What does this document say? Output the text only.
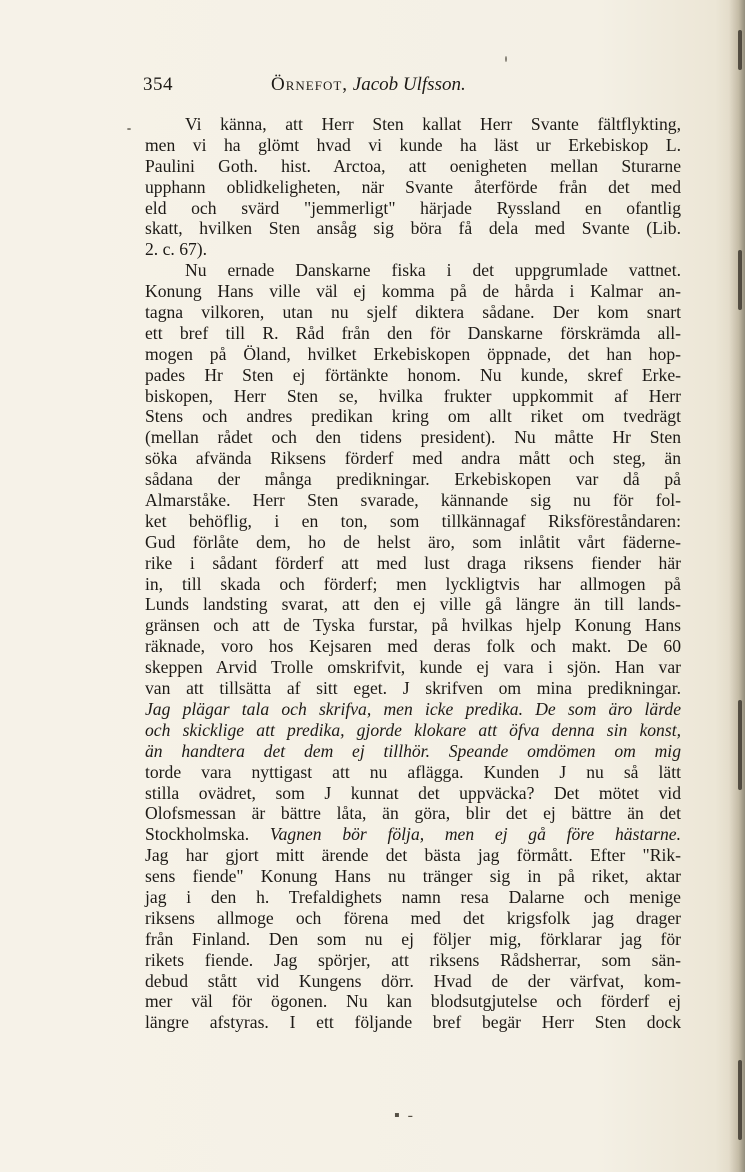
354	Örnefot, Jacob Ulfsson.
Vi känna, att Herr Sten kallat Herr Svante fältflykting,
men vi ha glömt hvad vi kunde ha läst ur Erkebiskop L.
Paulini Goth. hist. Arctoa, att oenigheten mellan Sturarne
upphann oblidkeligheten, när Svante återförde från det med
eld och svärd "jemmerligt" härjade Ryssland en ofantlig
skatt, hvilken Sten ansåg sig böra få dela med Svante (Lib.
2. c. 67).
Nu ernade Danskarne fiska i det uppgrumlade vattnet.
Konung Hans ville väl ej komma på de hårda i Kalmar an-
tagna vilkoren, utan nu sjelf diktera sådane. Der kom snart
ett bref till R. Råd från den för Danskarne förskrämda all-
mogen på Öland, hvilket Erkebiskopen öppnade, det han hop-
pades Hr Sten ej förtänkte honom. Nu kunde, skref Erke-
biskopen, Herr Sten se, hvilka frukter uppkommit af Herr
Stens och andres predikan kring om allt riket om tvedrägt
(mellan rådet och den tidens president). Nu måtte Hr Sten
söka afvända Riksens förderf med andra mått och steg, än
sådana der många predikningar. Erkebiskopen var då på
Almarståke. Herr Sten svarade, kännande sig nu för fol-
ket behöflig, i en ton, som tillkännagaf Riksföreståndaren:
Gud förlåte dem, ho de helst äro, som inlåtit vårt fäderne-
rike i sådant förderf att med lust draga riksens fiender här
in, till skada och förderf; men lyckligtvis har allmogen på
Lunds landsting svarat, att den ej ville gå längre än till lands-
gränsen och att de Tyska furstar, på hvilkas hjelp Konung Hans
räknade, voro hos Kejsaren med deras folk och makt. De 60
skeppen Arvid Trolle omskrifvit, kunde ej vara i sjön. Han var
van att tillsätta af sitt eget. J skrifven om mina predikningar.
Jag plägar tala och skrifva, men icke predika. De som äro lärde
och skicklige att predika, gjorde klokare att öfva denna sin konst,
än handtera det dem ej tillhör. Speande omdömen om mig
torde vara nyttigast att nu aflägga. Kunden J nu så lätt
stilla ovädret, som J kunnat det uppväcka? Det mötet vid
Olofsmessan är bättre låta, än göra, blir det ej bättre än det
Stockholmska. Vagnen bör följa, men ej gå före hästarne.
Jag har gjort mitt ärende det bästa jag förmått. Efter "Rik-
sens fiende" Konung Hans nu tränger sig in på riket, aktar
jag i den h. Trefaldighets namn resa Dalarne och menige
riksens allmoge och förena med det krigsfolk jag drager
från Finland. Den som nu ej följer mig, förklarar jag för
rikets fiende. Jag spörjer, att riksens Rådsherrar, som sän-
debud stått vid Kungens dörr. Hvad de der värfvat, kom-
mer väl för ögonen. Nu kan blodsutgjutelse och förderf ej
längre afstyras. I ett följande bref begär Herr Sten dock
▪ -
